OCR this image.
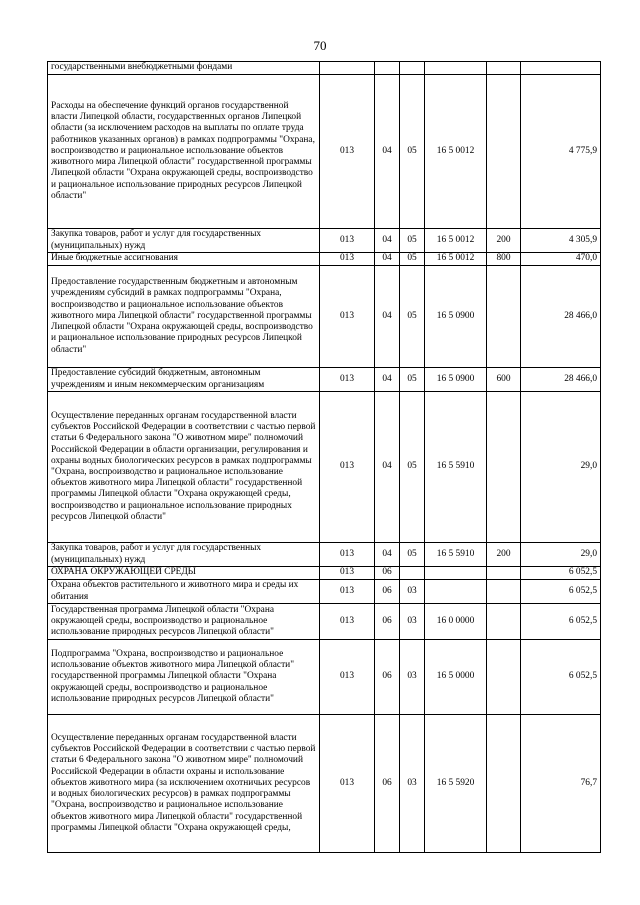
70
государственными внебюджетными фондами						
Расходы на обеспечение функций органов государственной власти Липецкой области, государственных органов Липецкой области (за исключением расходов на выплаты по оплате труда работников указанных органов) в рамках подпрограммы "Охрана, воспроизводство и рациональное использование объектов животного мира Липецкой области" государственной программы Липецкой области "Охрана окружающей среды, воспроизводство и рациональное использование природных ресурсов Липецкой области"	013	04	05	16 5 0012		4 775,9
Закупка товаров, работ и услуг для государственных (муниципальных) нужд	013	04	05	16 5 0012	200	4 305,9
Иные бюджетные ассигнования	013	04	05	16 5 0012	800	470,0
Предоставление государственным бюджетным и автономным учреждениям субсидий в рамках подпрограммы "Охрана, воспроизводство и рациональное использование объектов животного мира Липецкой области" государственной программы Липецкой области "Охрана окружающей среды, воспроизводство и рациональное использование природных ресурсов Липецкой области"	013	04	05	16 5 0900		28 466,0
Предоставление субсидий бюджетным, автономным учреждениям и иным некоммерческим организациям	013	04	05	16 5 0900	600	28 466,0
Осуществление переданных органам государственной власти субъектов Российской Федерации в соответствии с частью первой статьи 6 Федерального закона "О животном мире" полномочий Российской Федерации в области организации, регулирования и охраны водных биологических ресурсов в рамках подпрограммы "Охрана, воспроизводство и рациональное использование объектов животного мира Липецкой области" государственной программы Липецкой области "Охрана окружающей среды, воспроизводство и рациональное использование природных ресурсов Липецкой области"	013	04	05	16 5 5910		29,0
Закупка товаров, работ и услуг для государственных (муниципальных) нужд	013	04	05	16 5 5910	200	29,0
ОХРАНА ОКРУЖАЮЩЕЙ СРЕДЫ	013	06				6 052,5
Охрана объектов растительного и животного мира и среды их обитания	013	06	03			6 052,5
Государственная программа Липецкой области "Охрана окружающей среды, воспроизводство и рациональное использование природных ресурсов Липецкой области"	013	06	03	16 0 0000		6 052,5
Подпрограмма "Охрана, воспроизводство и рациональное использование объектов животного мира Липецкой области" государственной программы Липецкой области "Охрана окружающей среды, воспроизводство и рациональное использование природных ресурсов Липецкой области"	013	06	03	16 5 0000		6 052,5
Осуществление переданных органам государственной власти субъектов Российской Федерации в соответствии с частью первой статьи 6 Федерального закона "О животном мире" полномочий Российской Федерации в области охраны и использование объектов животного мира (за исключением охотничьих ресурсов и водных биологических ресурсов) в рамках подпрограммы "Охрана, воспроизводство и рациональное использование объектов животного мира Липецкой области" государственной программы Липецкой области "Охрана окружающей среды,	013	06	03	16 5 5920		76,7
